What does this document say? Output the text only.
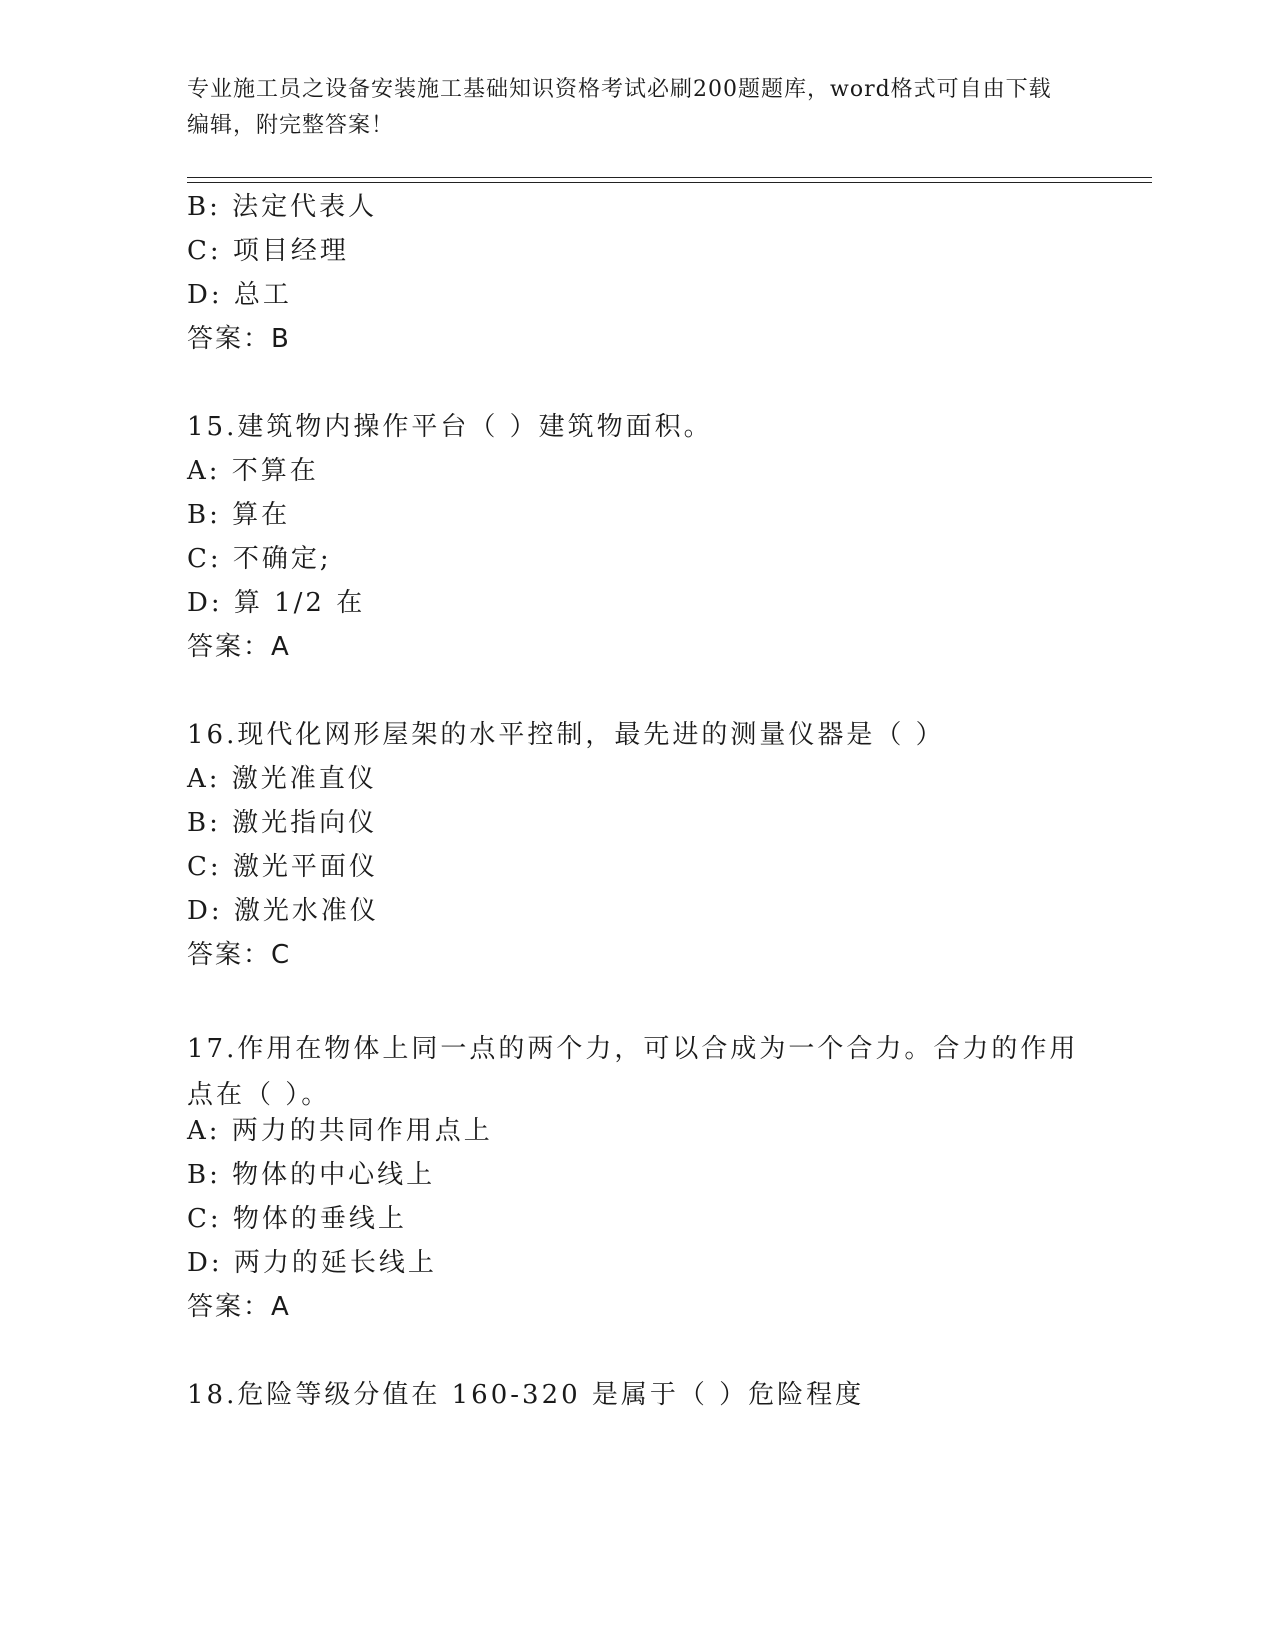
专业施工员之设备安装施工基础知识资格考试必刷200题题库，word格式可自由下载编辑，附完整答案！
B: 法定代表人
C: 项目经理
D: 总工
答案：B
15.建筑物内操作平台（ ）建筑物面积。
A: 不算在
B: 算在
C: 不确定;
D: 算 1/2 在
答案：A
16.现代化网形屋架的水平控制，最先进的测量仪器是（ ）
A: 激光准直仪
B: 激光指向仪
C: 激光平面仪
D: 激光水准仪
答案：C
17.作用在物体上同一点的两个力，可以合成为一个合力。合力的作用点在（ ）。
A: 两力的共同作用点上
B: 物体的中心线上
C: 物体的垂线上
D: 两力的延长线上
答案：A
18.危险等级分值在 160-320 是属于（ ）危险程度
